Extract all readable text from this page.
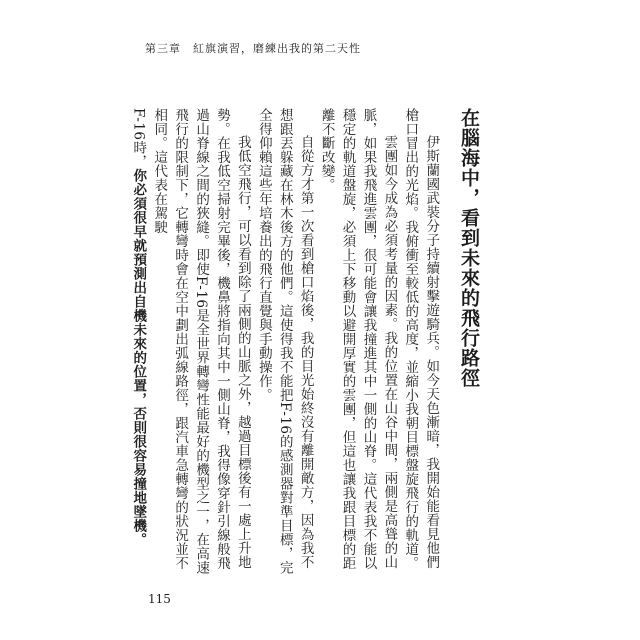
第三章　紅旗演習，磨練出我的第二天性
在腦海中，看到未來的飛行路徑

伊斯蘭國武裝分子持續射擊遊騎兵。如今天色漸暗，我開始能看見他們槍口冒出的光焰。我俯衝至較低的高度，並縮小我朝目標盤旋飛行的軌道。

雲團如今成為必須考量的因素。我的位置在山谷中間，兩側是高聳的山脈，如果我飛進雲團，很可能會讓我撞進其中一側的山脊。這代表我不能以穩定的軌道盤旋，必須上下移動以避開厚實的雲團，但這也讓我跟目標的距離不斷改變。

自從方才第一次看到槍口焰後，我的目光始終沒有離開敵方，因為我不想跟丟躲藏在林木後方的他們。這使得我不能把F-16的感測器對準目標，完全得仰賴這些年培養出的飛行直覺與手動操作。

我低空飛行，可以看到除了兩側的山脈之外，越過目標後有一處上升地勢。在我低空掃射完畢後，機鼻將指向其中一側山脊，我得像穿針引線般飛過山脊線之間的狹縫。即使F-16是全世界轉彎性能最好的機型之一，在高速飛行的限制下，它轉彎時會在空中劃出弧線路徑，跟汽車急轉彎的狀況並不相同。這代表在駕駛

F-16時，你必須很早就預測出自機未來的位置，否則很容易撞地墜機。

115
